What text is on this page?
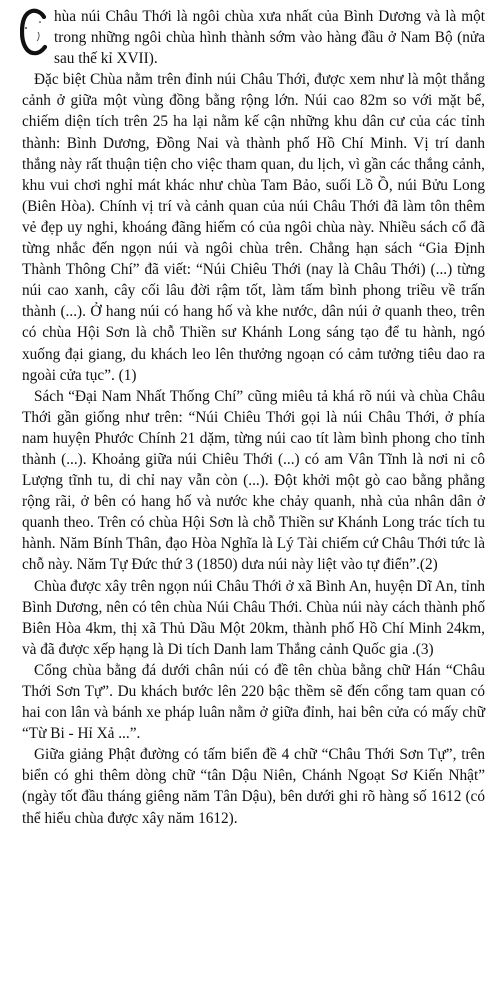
hùa núi Châu Thới là ngôi chùa xưa nhất của Bình Dương và là một trong những ngôi chùa hình thành sớm vào hàng đầu ở Nam Bộ (nửa sau thế kỉ XVII).

Đặc biệt Chùa nằm trên đỉnh núi Châu Thới, được xem như là một thắng cảnh ở giữa một vùng đồng bằng rộng lớn. Núi cao 82m so với mặt bể, chiếm diện tích trên 25 ha lại nằm kế cận những khu dân cư của các tỉnh thành: Bình Dương, Đồng Nai và thành phố Hồ Chí Minh. Vị trí danh thắng này rất thuận tiện cho việc tham quan, du lịch, vì gần các thắng cảnh, khu vui chơi nghỉ mát khác như chùa Tam Bảo, suối Lồ Ồ, núi Bửu Long (Biên Hòa). Chính vị trí và cảnh quan của núi Châu Thới đã làm tôn thêm vẻ đẹp uy nghi, khoáng đãng hiếm có của ngôi chùa này. Nhiều sách cổ đã từng nhắc đến ngọn núi và ngôi chùa trên. Chẳng hạn sách “Gia Định Thành Thông Chí” đã viết: “Núi Chiêu Thới (nay là Châu Thới) (...) từng núi cao xanh, cây cối lâu đời rậm tốt, làm tấm bình phong triều về trấn thành (...). Ở hang núi có hang hố và khe nước, dân núi ở quanh theo, trên có chùa Hội Sơn là chỗ Thiền sư Khánh Long sáng tạo để tu hành, ngó xuống đại giang, du khách leo lên thưởng ngoạn có cảm tưởng tiêu dao ra ngoài cửa tục”. (1)

Sách “Đại Nam Nhất Thống Chí” cũng miêu tả khá rõ núi và chùa Châu Thới gần giống như trên: “Núi Chiêu Thới gọi là núi Châu Thới, ở phía nam huyện Phước Chính 21 dặm, từng núi cao tít làm bình phong cho tỉnh thành (...). Khoảng giữa núi Chiêu Thới (...) có am Vân Tĩnh là nơi ni cô Lượng tĩnh tu, di chỉ nay vẫn còn (...). Đột khởi một gò cao bằng phẳng rộng rãi, ở bên có hang hố và nước khe chảy quanh, nhà của nhân dân ở quanh theo. Trên có chùa Hội Sơn là chỗ Thiền sư Khánh Long trác tích tu hành. Năm Bính Thân, đạo Hòa Nghĩa là Lý Tài chiếm cứ Châu Thới tức là chỗ này. Năm Tự Đức thứ 3 (1850) dưa núi này liệt vào tự điển”.(2)

Chùa được xây trên ngọn núi Châu Thới ở xã Bình An, huyện Dĩ An, tỉnh Bình Dương, nên có tên chùa Núi Châu Thới. Chùa núi này cách thành phố Biên Hòa 4km, thị xã Thủ Dầu Một 20km, thành phố Hồ Chí Minh 24km, và đã được xếp hạng là Di tích Danh lam Thắng cảnh Quốc gia .(3)

Cổng chùa bằng đá dưới chân núi có đề tên chùa bằng chữ Hán “Châu Thới Sơn Tự”. Du khách bước lên 220 bậc thềm sẽ đến cổng tam quan có hai con lân và bánh xe pháp luân nằm ở giữa đỉnh, hai bên cửa có mấy chữ “Từ Bi - Hỉ Xả ...”.

Giữa giảng Phật đường có tấm biển đề 4 chữ “Châu Thới Sơn Tự”, trên biển có ghi thêm dòng chữ “tân Dậu Niên, Chánh Ngoạt Sơ Kiến Nhật” (ngày tốt đầu tháng giêng năm Tân Dậu), bên dưới ghi rõ hàng số 1612 (có thể hiểu chùa được xây năm 1612).
